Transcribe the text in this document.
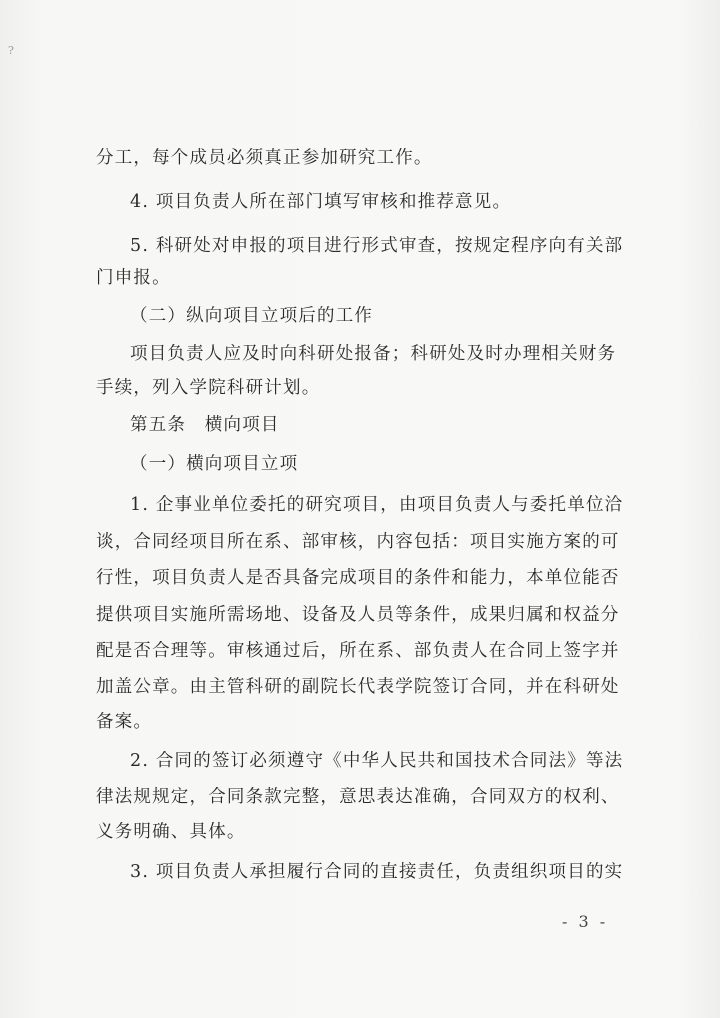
?
分工，每个成员必须真正参加研究工作。
4. 项目负责人所在部门填写审核和推荐意见。
5. 科研处对申报的项目进行形式审查，按规定程序向有关部
门申报。
（二）纵向项目立项后的工作
项目负责人应及时向科研处报备；科研处及时办理相关财务
手续，列入学院科研计划。
第五条　横向项目
（一）横向项目立项
1. 企事业单位委托的研究项目，由项目负责人与委托单位洽
谈，合同经项目所在系、部审核，内容包括：项目实施方案的可
行性，项目负责人是否具备完成项目的条件和能力，本单位能否
提供项目实施所需场地、设备及人员等条件，成果归属和权益分
配是否合理等。审核通过后，所在系、部负责人在合同上签字并
加盖公章。由主管科研的副院长代表学院签订合同，并在科研处
备案。
2. 合同的签订必须遵守《中华人民共和国技术合同法》等法
律法规规定，合同条款完整，意思表达准确，合同双方的权利、
义务明确、具体。
3. 项目负责人承担履行合同的直接责任，负责组织项目的实
- 3 -
